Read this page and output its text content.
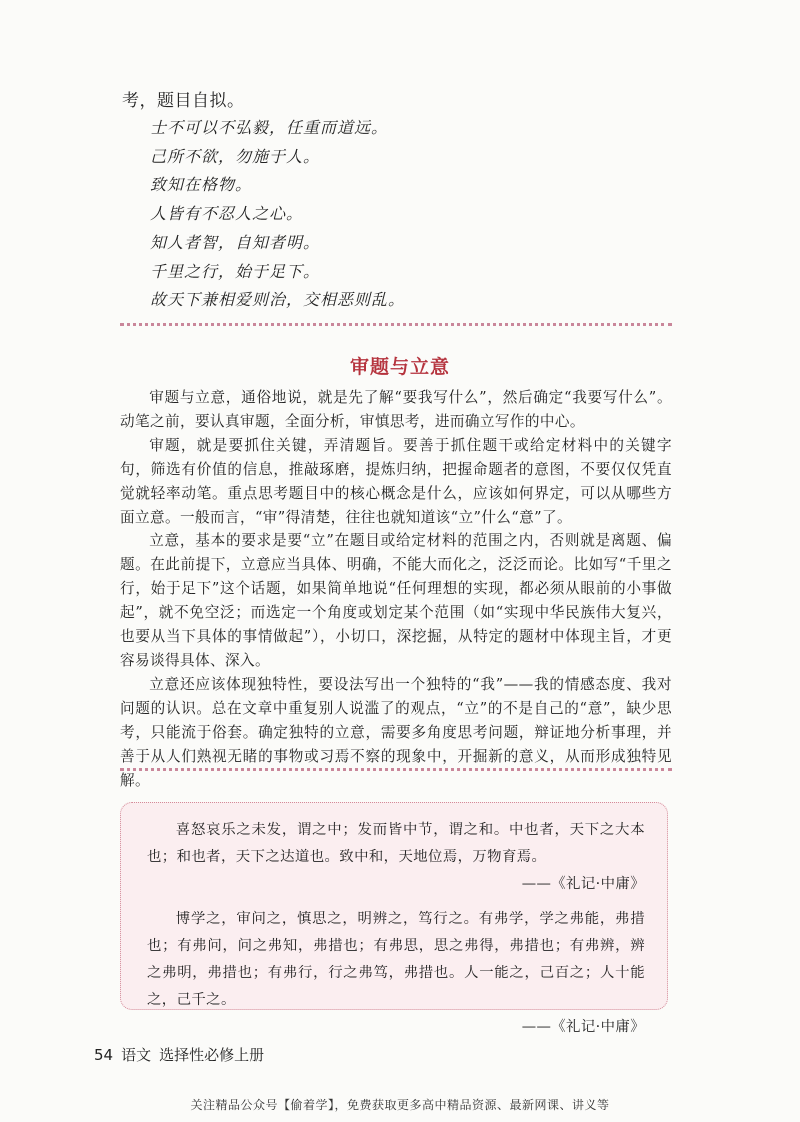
考，题目自拟。
士不可以不弘毅，任重而道远。
己所不欲，勿施于人。
致知在格物。
人皆有不忍人之心。
知人者智，自知者明。
千里之行，始于足下。
故天下兼相爱则治，交相恶则乱。
审题与立意

审题与立意，通俗地说，就是先了解“要我写什么”，然后确定“我要写什么”。动笔之前，要认真审题，全面分析，审慎思考，进而确立写作的中心。

审题，就是要抓住关键，弄清题旨。要善于抓住题干或给定材料中的关键字句，筛选有价值的信息，推敲琢磨，提炼归纳，把握命题者的意图，不要仅仅凭直觉就轻率动笔。重点思考题目中的核心概念是什么，应该如何界定，可以从哪些方面立意。一般而言，“审”得清楚，往往也就知道该“立”什么“意”了。

立意，基本的要求是要“立”在题目或给定材料的范围之内，否则就是离题、偏题。在此前提下，立意应当具体、明确，不能大而化之，泛泛而论。比如写“千里之行，始于足下”这个话题，如果简单地说“任何理想的实现，都必须从眼前的小事做起”，就不免空泛；而选定一个角度或划定某个范围（如“实现中华民族伟大复兴，也要从当下具体的事情做起”），小切口，深挖掘，从特定的题材中体现主旨，才更容易谈得具体、深入。

立意还应该体现独特性，要设法写出一个独特的“我”——我的情感态度、我对问题的认识。总在文章中重复别人说滥了的观点，“立”的不是自己的“意”，缺少思考，只能流于俗套。确定独特的立意，需要多角度思考问题，辩证地分析事理，并善于从人们熟视无睹的事物或习焉不察的现象中，开掘新的意义，从而形成独特见解。

喜怒哀乐之未发，谓之中；发而皆中节，谓之和。中也者，天下之大本也；和也者，天下之达道也。致中和，天地位焉，万物育焉。

——《礼记·中庸》

博学之，审问之，慎思之，明辨之，笃行之。有弗学，学之弗能，弗措也；有弗问，问之弗知，弗措也；有弗思，思之弗得，弗措也；有弗辨，辨之弗明，弗措也；有弗行，行之弗笃，弗措也。人一能之，己百之；人十能之，己千之。

——《礼记·中庸》

54 语文 选择性必修上册
关注精品公众号【偷着学】，免费获取更多高中精品资源、最新网课、讲义等
